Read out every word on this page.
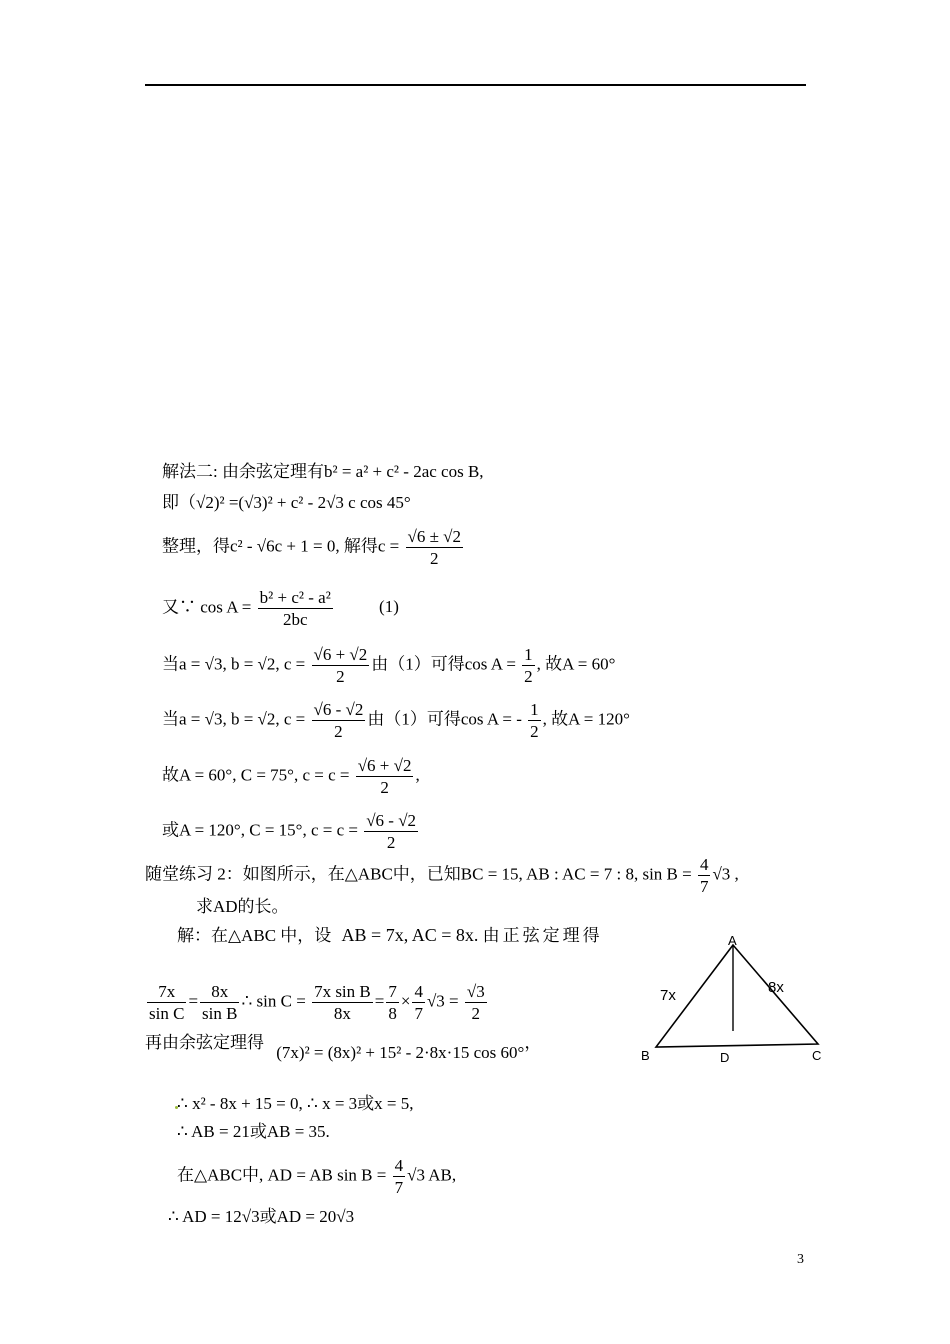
解法二: 由余弦定理有b² = a² + c² - 2ac cos B,
即（√2)² =(√3)² + c² - 2√3 c cos 45°
整理，得c² - √6c + 1 = 0, 解得$c = \frac{√6 \pm √2}{2}$
又∵ $\cos A = \frac{\text{b² + c² - a²}}{2bc}$	(1)
当a = √3, b = √2, $c = \frac{√6 + √2}{2}$ 由（1）可得$\cos A = \frac{1}{2}$ , 故A = 60°
当a = √3, b = √2, $c = \frac{√6 - √2}{2}$ 由（1）可得cos A = - $\frac{1}{2}$ , 故A = 120°
故A = 60°, C = 75°, $c = c = \frac{√6 + √2}{2}$ ,
或A = 120°, C = 15°, $c = c = \frac{√6 - √2}{2}$
随堂练习 2：如图所示，在△ABC中，已知BC = 15, AB : AC = 7 : 8, $\sin B = \frac{4}{7} √3$ ,
求AD的长。
解：在△ABC 中，设 AB = 7x, AC = 8x. 由正弦定理得
$\frac{7x}{\text{sin C}} = \frac{8x}{\text{sin B}}$ ∴ $\sin C = \frac{\text{7x sin B}}{8x} = \frac{7}{8} \times \frac{4}{7} √3 = \frac{√3}{2}$
再由余弦定理得 (7x)² = (8x)² + 15² - 2·8x·15 cos 60°，
∴ x² - 8x + 15 = 0, ∴ x = 3或x = 5,
∴ AB = 21或AB = 35.
在△ABC中, AD = AB $\sin B = \frac{4}{7} √3$ AB,
∴ AD = 12√3或AD = 20√3
A
B	C
D
7x	8x
3
